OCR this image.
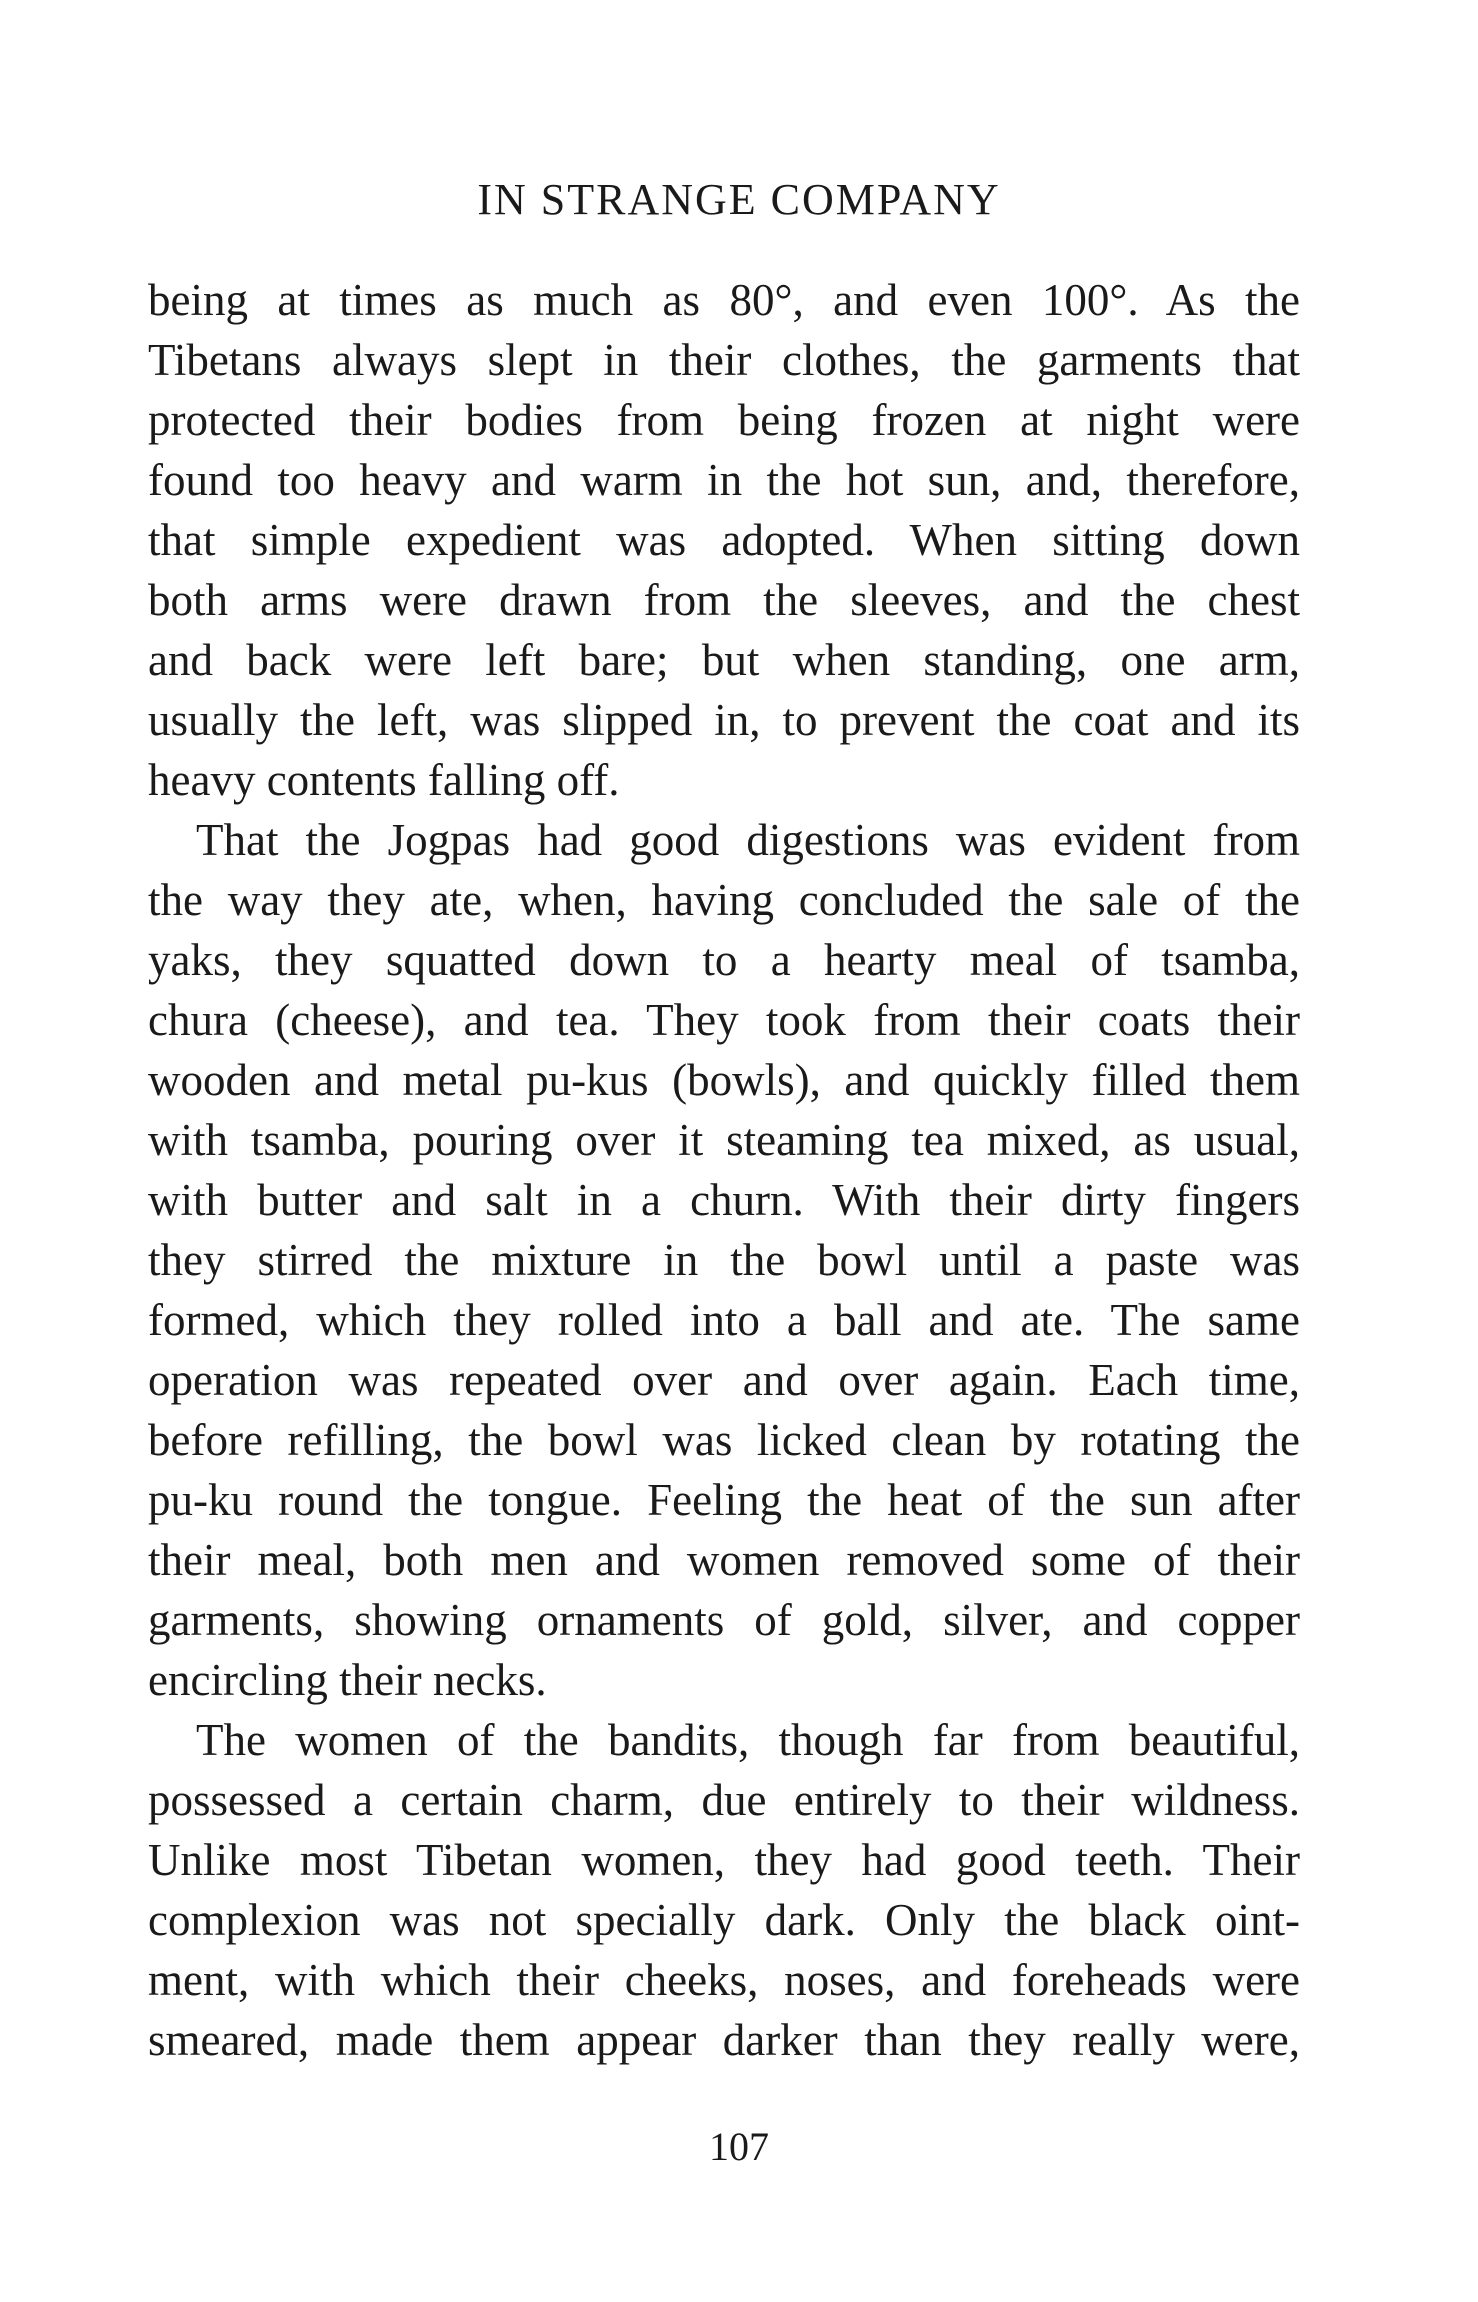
IN STRANGE COMPANY
being at times as much as 80°, and even 100°. As the
Tibetans always slept in their clothes, the garments that
protected their bodies from being frozen at night were
found too heavy and warm in the hot sun, and, therefore,
that simple expedient was adopted. When sitting down
both arms were drawn from the sleeves, and the chest
and back were left bare; but when standing, one arm,
usually the left, was slipped in, to prevent the coat and its
heavy contents falling off.
That the Jogpas had good digestions was evident from
the way they ate, when, having concluded the sale of the
yaks, they squatted down to a hearty meal of tsamba,
chura (cheese), and tea. They took from their coats their
wooden and metal pu-kus (bowls), and quickly filled them
with tsamba, pouring over it steaming tea mixed, as usual,
with butter and salt in a churn. With their dirty fingers
they stirred the mixture in the bowl until a paste was
formed, which they rolled into a ball and ate. The same
operation was repeated over and over again. Each time,
before refilling, the bowl was licked clean by rotating the
pu-ku round the tongue. Feeling the heat of the sun after
their meal, both men and women removed some of their
garments, showing ornaments of gold, silver, and copper
encircling their necks.
The women of the bandits, though far from beautiful,
possessed a certain charm, due entirely to their wildness.
Unlike most Tibetan women, they had good teeth. Their
complexion was not specially dark. Only the black oint-
ment, with which their cheeks, noses, and foreheads were
smeared, made them appear darker than they really were,
107
